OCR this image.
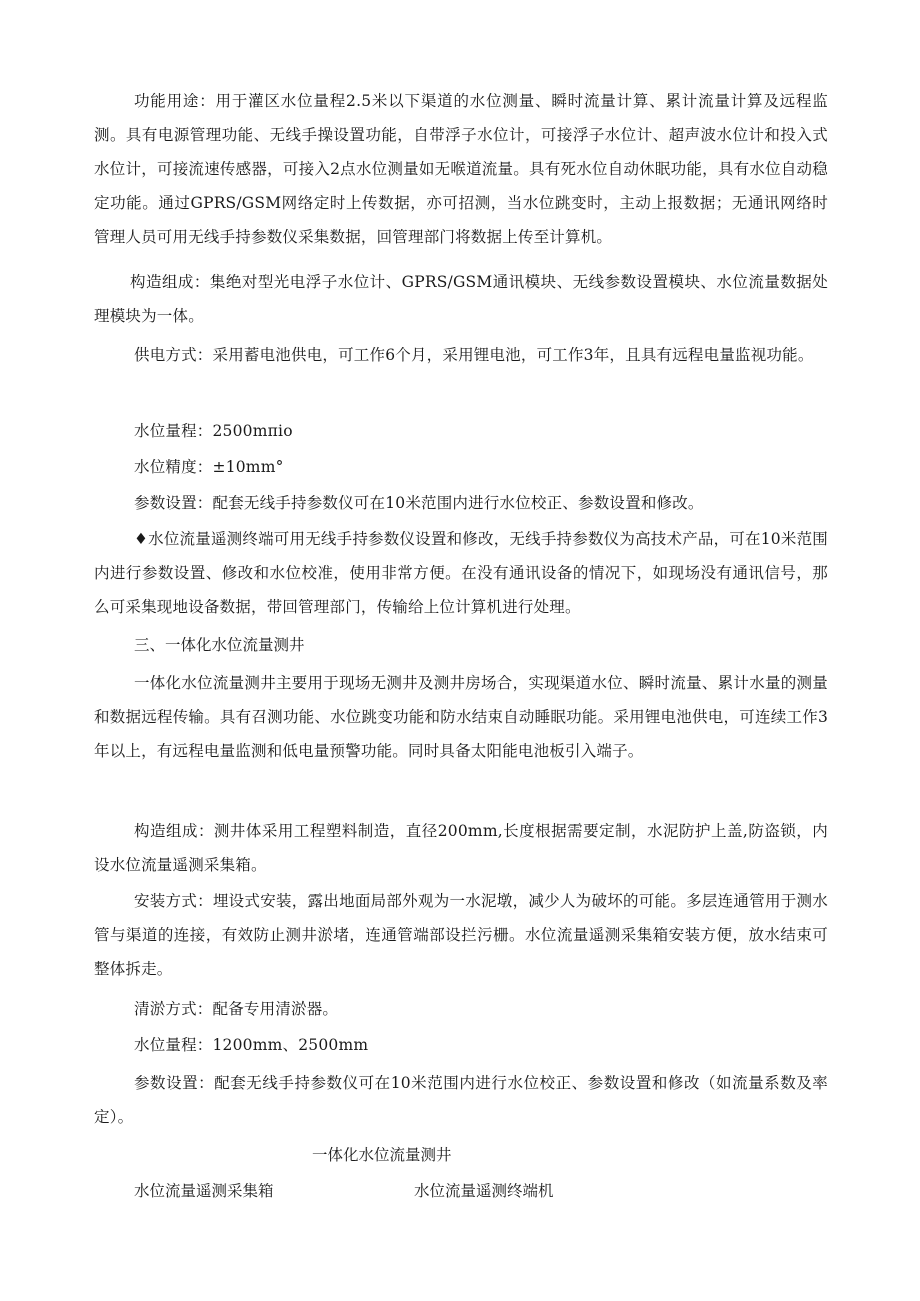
功能用途：用于灌区水位量程2.5米以下渠道的水位测量、瞬时流量计算、累计流量计算及远程监测。具有电源管理功能、无线手操设置功能，自带浮子水位计，可接浮子水位计、超声波水位计和投入式水位计，可接流速传感器，可接入2点水位测量如无喉道流量。具有死水位自动休眠功能，具有水位自动稳定功能。通过GPRS/GSM网络定时上传数据，亦可招测，当水位跳变时，主动上报数据；无通讯网络时管理人员可用无线手持参数仪采集数据，回管理部门将数据上传至计算机。

构造组成：集绝对型光电浮子水位计、GPRS/GSM通讯模块、无线参数设置模块、水位流量数据处理模块为一体。

供电方式：采用蓄电池供电，可工作6个月，采用锂电池，可工作3年，且具有远程电量监视功能。

水位量程：2500mπio

水位精度：±10mm°

参数设置：配套无线手持参数仪可在10米范围内进行水位校正、参数设置和修改。

♦水位流量遥测终端可用无线手持参数仪设置和修改，无线手持参数仪为高技术产品，可在10米范围内进行参数设置、修改和水位校准，使用非常方便。在没有通讯设备的情况下，如现场没有通讯信号，那么可采集现地设备数据，带回管理部门，传输给上位计算机进行处理。

三、一体化水位流量测井

一体化水位流量测井主要用于现场无测井及测井房场合，实现渠道水位、瞬时流量、累计水量的测量和数据远程传输。具有召测功能、水位跳变功能和防水结束自动睡眠功能。采用锂电池供电，可连续工作3年以上，有远程电量监测和低电量预警功能。同时具备太阳能电池板引入端子。

构造组成：测井体采用工程塑料制造，直径200mm,长度根据需要定制，水泥防护上盖,防盗锁，内设水位流量遥测采集箱。

安装方式：埋设式安装，露出地面局部外观为一水泥墩，减少人为破坏的可能。多层连通管用于测水管与渠道的连接，有效防止测井淤堵，连通管端部设拦污栅。水位流量遥测采集箱安装方便，放水结束可整体拆走。

清淤方式：配备专用清淤器。

水位量程：1200mm、2500mm

参数设置：配套无线手持参数仪可在10米范围内进行水位校正、参数设置和修改（如流量系数及率定）。

一体化水位流量测井

水位流量遥测采集箱	水位流量遥测终端机
